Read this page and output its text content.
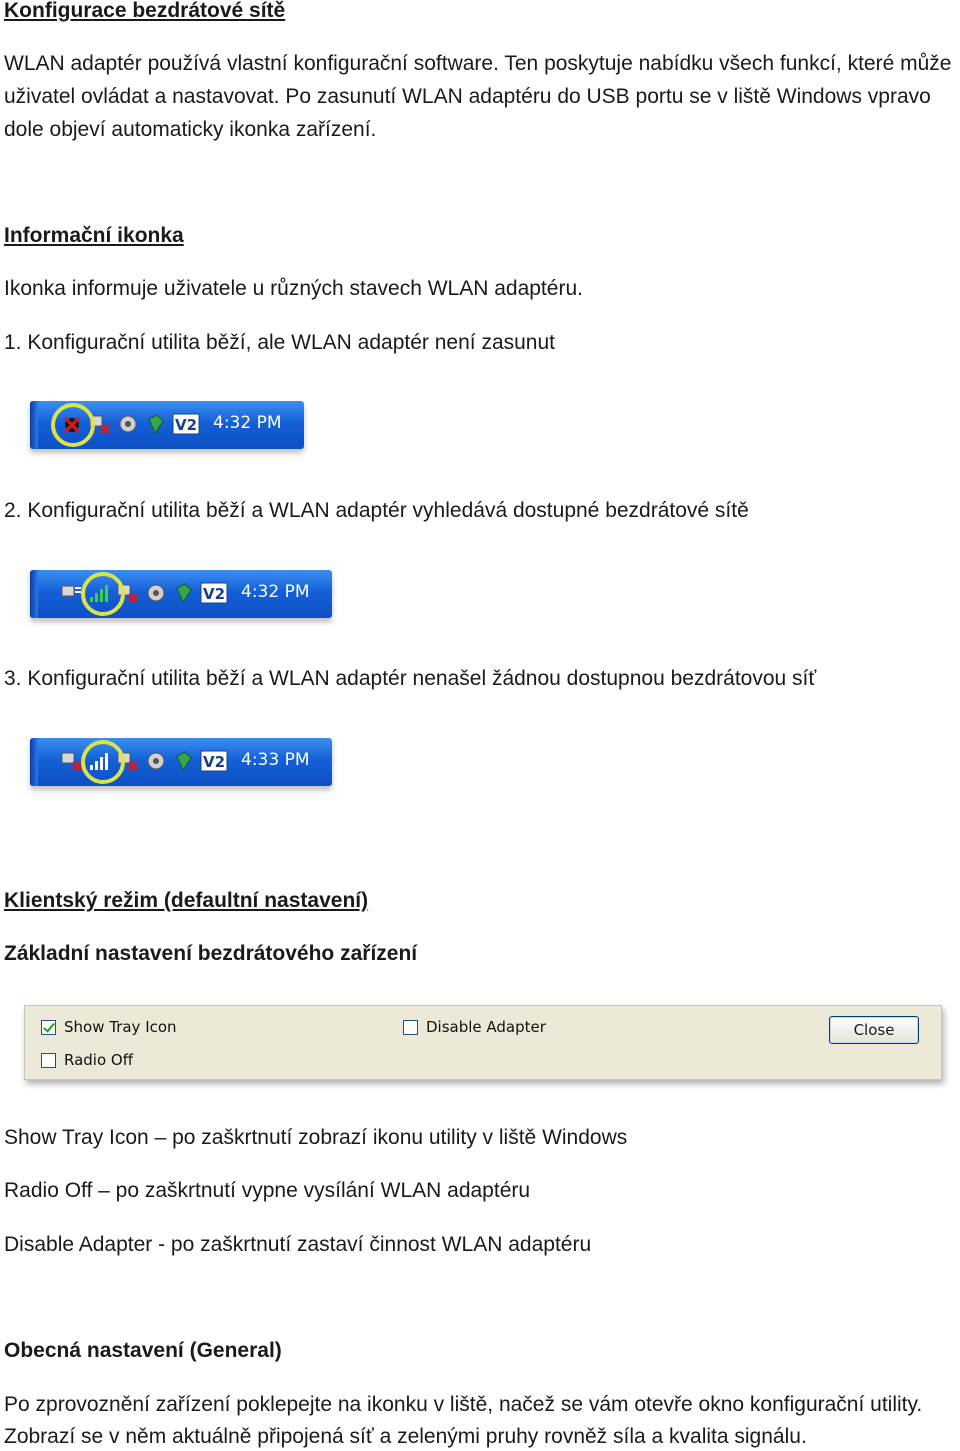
Konfigurace bezdrátové sítě
WLAN adaptér používá vlastní konfigurační software. Ten poskytuje nabídku všech funkcí, které může
uživatel ovládat a nastavovat. Po zasunutí WLAN adaptéru do USB portu se v liště Windows vpravo
dole objeví automaticky ikonka zařízení.
Informační ikonka
Ikonka informuje uživatele u různých stavech WLAN adaptéru.
1. Konfigurační utilita běží, ale WLAN adaptér není zasunut
V2 4:32 PM
2. Konfigurační utilita běží a WLAN adaptér vyhledává dostupné bezdrátové sítě
V2 4:32 PM
3. Konfigurační utilita běží a WLAN adaptér nenašel žádnou dostupnou bezdrátovou síť
V2 4:33 PM
Klientský režim (defaultní nastavení)
Základní nastavení bezdrátového zařízení
Show Tray Icon
Radio Off
Disable Adapter	Close
Show Tray Icon – po zaškrtnutí zobrazí ikonu utility v liště Windows
Radio Off – po zaškrtnutí vypne vysílání WLAN adaptéru
Disable Adapter - po zaškrtnutí zastaví činnost WLAN adaptéru
Obecná nastavení (General)
Po zprovoznění zařízení poklepejte na ikonku v liště, načež se vám otevře okno konfigurační utility.
Zobrazí se v něm aktuálně připojená síť a zelenými pruhy rovněž síla a kvalita signálu.
